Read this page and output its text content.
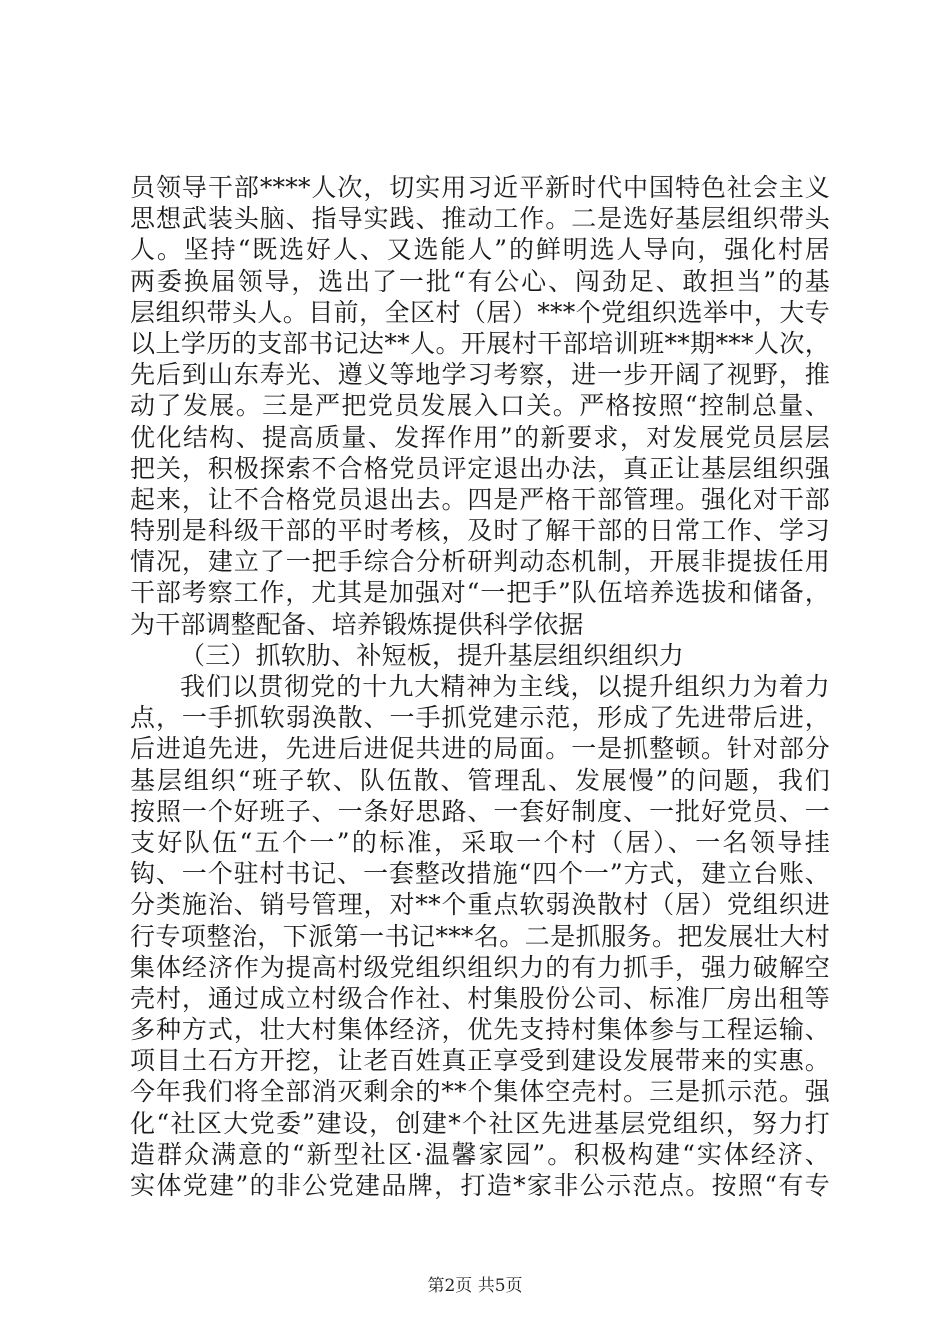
员领导干部****人次，切实用习近平新时代中国特色社会主义
思想武装头脑、指导实践、推动工作。二是选好基层组织带头
人。坚持“既选好人、又选能人”的鲜明选人导向，强化村居
两委换届领导，选出了一批“有公心、闯劲足、敢担当”的基
层组织带头人。目前，全区村（居）***个党组织选举中，大专
以上学历的支部书记达**人。开展村干部培训班**期***人次，
先后到山东寿光、遵义等地学习考察，进一步开阔了视野，推
动了发展。三是严把党员发展入口关。严格按照“控制总量、
优化结构、提高质量、发挥作用”的新要求，对发展党员层层
把关，积极探索不合格党员评定退出办法，真正让基层组织强
起来，让不合格党员退出去。四是严格干部管理。强化对干部
特别是科级干部的平时考核，及时了解干部的日常工作、学习
情况，建立了一把手综合分析研判动态机制，开展非提拔任用
干部考察工作，尤其是加强对“一把手”队伍培养选拔和储备，
为干部调整配备、培养锻炼提供科学依据
（三）抓软肋、补短板，提升基层组织组织力
我们以贯彻党的十九大精神为主线，以提升组织力为着力
点，一手抓软弱涣散、一手抓党建示范，形成了先进带后进，
后进追先进，先进后进促共进的局面。一是抓整顿。针对部分
基层组织“班子软、队伍散、管理乱、发展慢”的问题，我们
按照一个好班子、一条好思路、一套好制度、一批好党员、一
支好队伍“五个一”的标准，采取一个村（居）、一名领导挂
钩、一个驻村书记、一套整改措施“四个一”方式，建立台账、
分类施治、销号管理，对**个重点软弱涣散村（居）党组织进
行专项整治，下派第一书记***名。二是抓服务。把发展壮大村
集体经济作为提高村级党组织组织力的有力抓手，强力破解空
壳村，通过成立村级合作社、村集股份公司、标准厂房出租等
多种方式，壮大村集体经济，优先支持村集体参与工程运输、
项目土石方开挖，让老百姓真正享受到建设发展带来的实惠。
今年我们将全部消灭剩余的**个集体空壳村。三是抓示范。强
化“社区大党委”建设，创建*个社区先进基层党组织，努力打
造群众满意的“新型社区·温馨家园”。积极构建“实体经济、
实体党建”的非公党建品牌，打造*家非公示范点。按照“有专
第2页 共5页
